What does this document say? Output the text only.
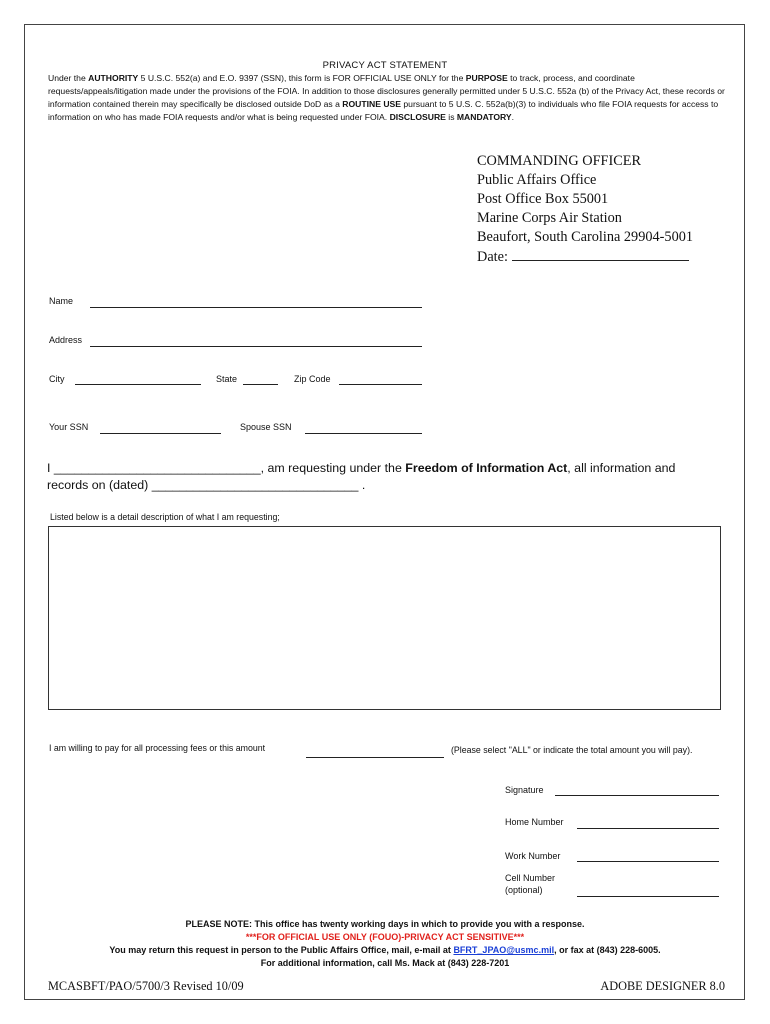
PRIVACY ACT STATEMENT
Under the AUTHORITY 5 U.S.C. 552(a) and E.O. 9397 (SSN), this form is FOR OFFICIAL USE ONLY for the PURPOSE to track, process, and coordinate requests/appeals/litigation made under the provisions of the FOIA. In addition to those disclosures generally permitted under 5 U.S.C. 552a (b) of the Privacy Act, these records or information contained therein may specifically be disclosed outside DoD as a ROUTINE USE pursuant to 5 U.S. C. 552a(b)(3) to individuals who file FOIA requests for access to information on who has made FOIA requests and/or what is being requested under FOIA. DISCLOSURE is MANDATORY.
COMMANDING OFFICER
Public Affairs Office
Post Office Box 55001
Marine Corps Air Station
Beaufort, South Carolina 29904-5001
Date:
Name
Address
City	State	Zip Code
Your SSN	Spouse SSN
I ______________________________, am requesting under the Freedom of Information Act, all information and
records on (dated) ______________________________ .
Listed below is a detail description of what I am requesting;
I am willing to pay for all processing fees or this amount	(Please select "ALL" or indicate the total amount you will pay).
Signature
Home Number
Work Number
Cell Number
(optional)
PLEASE NOTE: This office has twenty working days in which to provide you with a response.
***FOR OFFICIAL USE ONLY (FOUO)-PRIVACY ACT SENSITIVE***
You may return this request in person to the Public Affairs Office, mail, e-mail at BFRT_JPAO@usmc.mil, or fax at (843) 228-6005.
For additional information, call Ms. Mack at (843) 228-7201
MCASBFT/PAO/5700/3 Revised 10/09	ADOBE DESIGNER 8.0
